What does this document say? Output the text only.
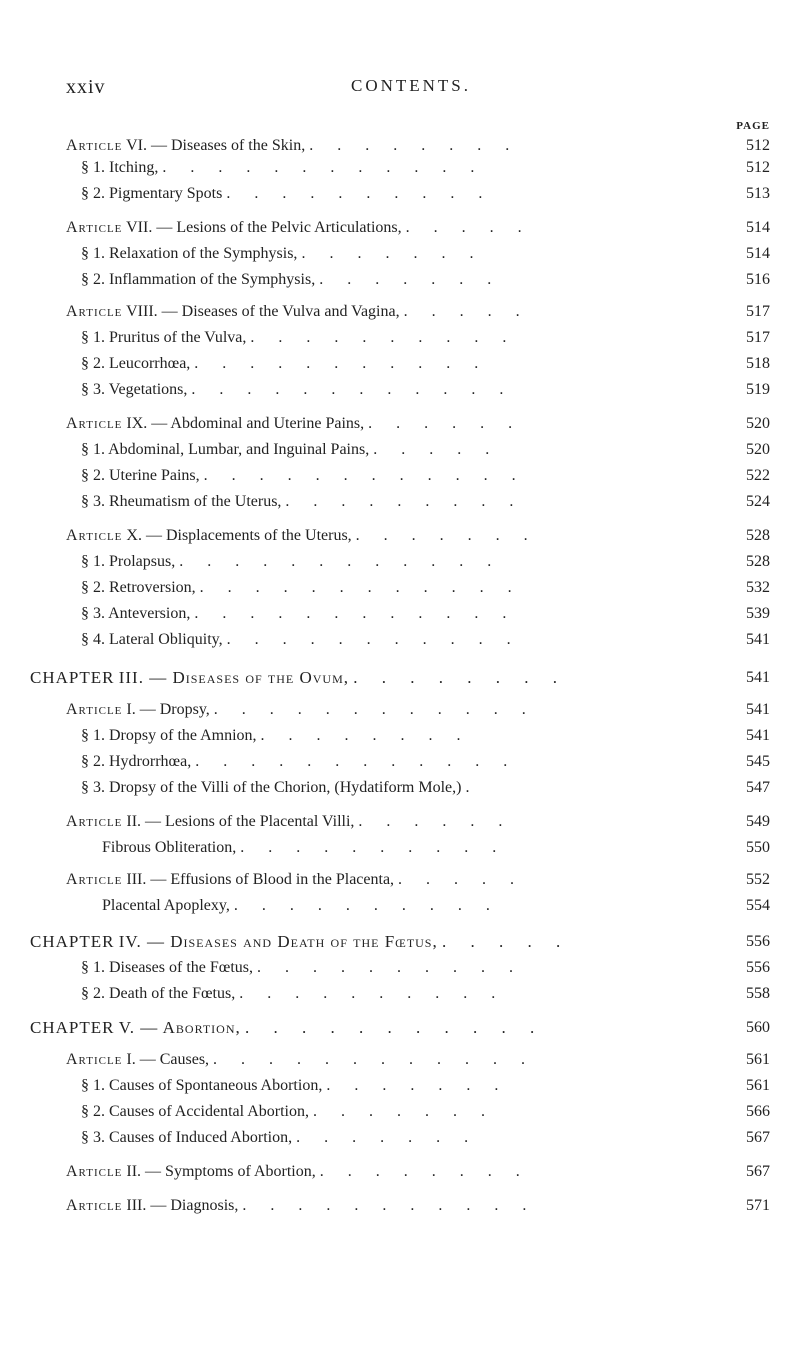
xxiv	CONTENTS.
PAGE
Article VI. — Diseases of the Skin, . . . . . . . .	512
§ 1. Itching, . . . . . . . . . . . .	512
§ 2. Pigmentary Spots . . . . . . . . . .	513
Article VII. — Lesions of the Pelvic Articulations, . . . . .	514
§ 1. Relaxation of the Symphysis, . . . . . . .	514
§ 2. Inflammation of the Symphysis, . . . . . . .	516
Article VIII. — Diseases of the Vulva and Vagina, . . . . .	517
§ 1. Pruritus of the Vulva, . . . . . . . . . .	517
§ 2. Leucorrhœa, . . . . . . . . . . .	518
§ 3. Vegetations, . . . . . . . . . . . .	519
Article IX. — Abdominal and Uterine Pains, . . . . . .	520
§ 1. Abdominal, Lumbar, and Inguinal Pains, . . . . .	520
§ 2. Uterine Pains, . . . . . . . . . . . .	522
§ 3. Rheumatism of the Uterus, . . . . . . . . .	524
Article X. — Displacements of the Uterus, . . . . . . .	528
§ 1. Prolapsus, . . . . . . . . . . . .	528
§ 2. Retroversion, . . . . . . . . . . . .	532
§ 3. Anteversion, . . . . . . . . . . . .	539
§ 4. Lateral Obliquity, . . . . . . . . . . .	541
CHAPTER III. — Diseases of the Ovum, . . . . . . . .	541
Article I. — Dropsy, . . . . . . . . . . . .	541
§ 1. Dropsy of the Amnion, . . . . . . . .	541
§ 2. Hydrorrhœa, . . . . . . . . . . . .	545
§ 3. Dropsy of the Villi of the Chorion, (Hydatiform Mole,) .	547
Article II. — Lesions of the Placental Villi, . . . . . .	549
Fibrous Obliteration, . . . . . . . . . .	550
Article III. — Effusions of Blood in the Placenta, . . . . .	552
Placental Apoplexy, . . . . . . . . . .	554
CHAPTER IV. — Diseases and Death of the Fœtus, . . . . .	556
§ 1. Diseases of the Fœtus, . . . . . . . . . .	556
§ 2. Death of the Fœtus, . . . . . . . . . .	558
CHAPTER V. — Abortion, . . . . . . . . . . .	560
Article I. — Causes, . . . . . . . . . . . .	561
§ 1. Causes of Spontaneous Abortion, . . . . . . .	561
§ 2. Causes of Accidental Abortion, . . . . . . .	566
§ 3. Causes of Induced Abortion, . . . . . . .	567
Article II. — Symptoms of Abortion, . . . . . . . .	567
Article III. — Diagnosis, . . . . . . . . . . .	571
